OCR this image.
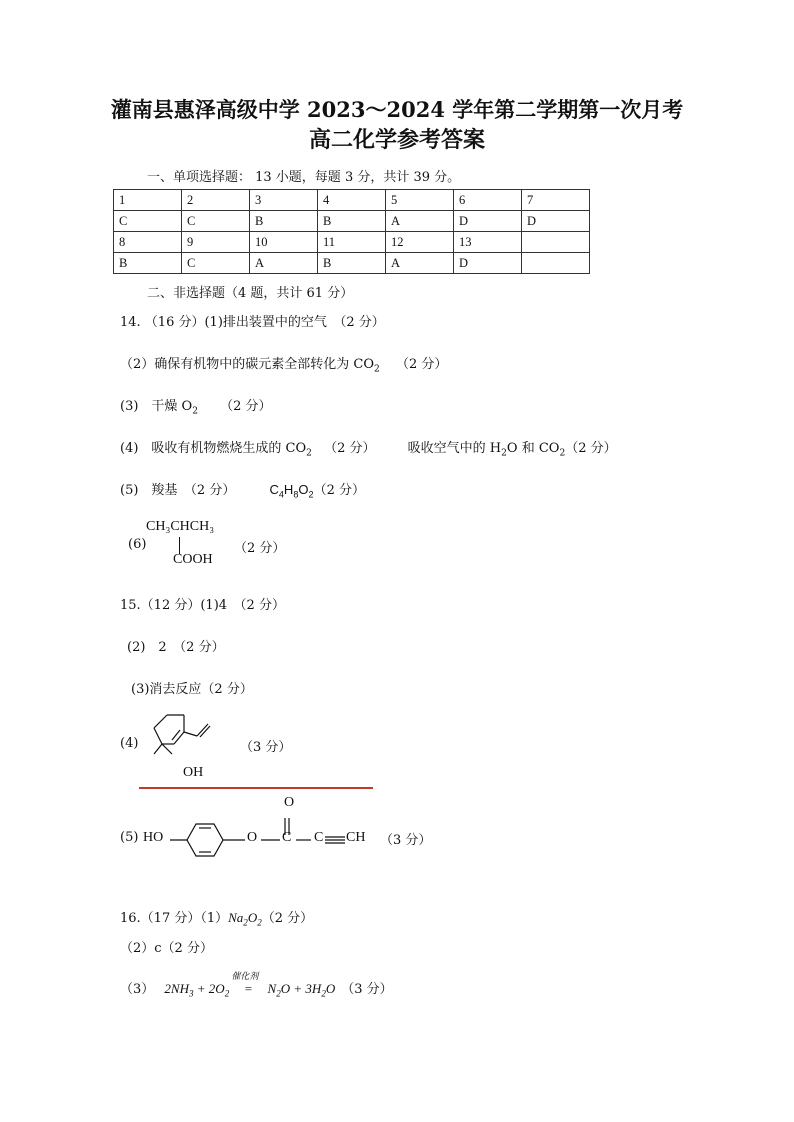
灌南县惠泽高级中学 2023～2024 学年第二学期第一次月考
高二化学参考答案
一、单项选择题： 13 小题，每题 3 分，共计 39 分。
1	2	3	4	5	6	7
C	C	B	B	A	D	D
8	9	10	11	12	13	
B	C	A	B	A	D	
二、非选择题（4 题，共计 61 分）
14. （16 分）(1)排出装置中的空气　（2 分）
（2）确保有机物中的碳元素全部转化为 $CO_2$ （2 分）
(3)　干燥 $O_2$ （2 分）
(4)　吸收有机物燃烧生成的 $CO_2$ （2 分） 吸收空气中的 $H_2O$ 和 $CO_2(2$ 分）
(5)　羧基　（2 分）	$C_4H_8O_2(2$ 分）
(6)
CH₃CHCH₃
COOH
（2 分）
15.（12 分）(1)4　（2 分）
(2)　2　（2 分）
(3)消去反应（2 分）
(4)
OH
（3 分）
(5) HO	O C
O
C CH （3 分）
16.（17 分）$(1)Na_2O_2(2$ 分）
（2）c（2 分）
（3） $2NH_3 + 2O_2$
催化剂
= $N_2O + 3H_2O$ （3 分）
